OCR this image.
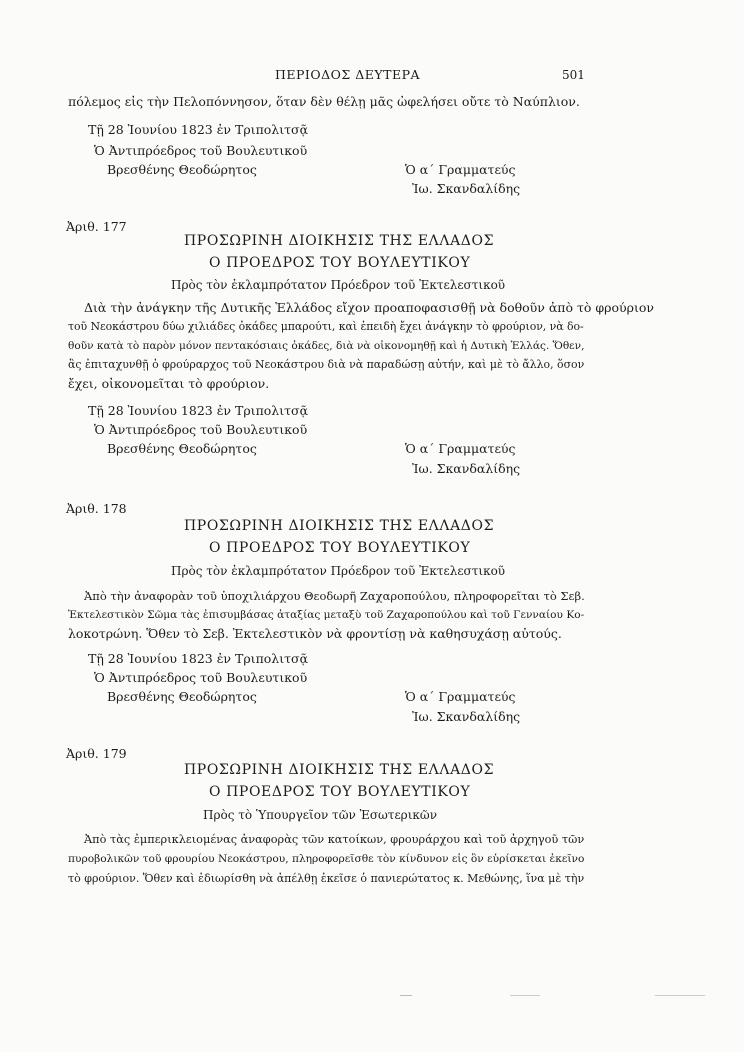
ΠΕΡΙΟΔΟΣ ΔΕΥΤΕΡΑ	501
πόλεμος εἰς τὴν Πελοπόννησον, ὅταν δὲν θέλῃ μᾶς ὠφελήσει οὔτε τὸ Ναύπλιον.
Τῇ 28 Ἰουνίου 1823 ἐν Τριπολιτσᾷ
Ὁ Ἀντιπρόεδρος τοῦ Βουλευτικοῦ
Βρεσθένης Θεοδώρητος	Ὁ α΄ Γραμματεύς
Ἰω. Σκανδαλίδης
Ἀριθ. 177
ΠΡΟΣΩΡΙΝΗ ΔΙΟΙΚΗΣΙΣ ΤΗΣ ΕΛΛΑΔΟΣ
Ο ΠΡΟΕΔΡΟΣ ΤΟΥ ΒΟΥΛΕΥΤΙΚΟΥ
Πρὸς τὸν ἐκλαμπρότατον Πρόεδρον τοῦ Ἐκτελεστικοῦ
Διὰ τὴν ἀνάγκην τῆς Δυτικῆς Ἑλλάδος εἴχον προαποφασισθῇ νὰ δοθοῦν ἀπὸ τὸ φρούριον
τοῦ Νεοκάστρου δύω χιλιάδες ὀκάδες μπαρούτι, καὶ ἐπειδὴ ἔχει ἀνάγκην τὸ φρούριον, νὰ δο-
θοῦν κατὰ τὸ παρὸν μόνον πεντακόσιαις ὀκάδες, διὰ νὰ οἰκονομηθῇ καὶ ἡ Δυτικὴ Ἑλλάς. Ὅθεν,
ἂς ἐπιταχυνθῇ ὁ φρούραρχος τοῦ Νεοκάστρου διὰ νὰ παραδώσῃ αὐτήν, καὶ μὲ τὸ ἄλλο, ὅσον
ἔχει, οἰκονομεῖται τὸ φρούριον.
Τῇ 28 Ἰουνίου 1823 ἐν Τριπολιτσᾷ
Ὁ Ἀντιπρόεδρος τοῦ Βουλευτικοῦ
Βρεσθένης Θεοδώρητος	Ὁ α΄ Γραμματεύς
Ἰω. Σκανδαλίδης
Ἀριθ. 178
ΠΡΟΣΩΡΙΝΗ ΔΙΟΙΚΗΣΙΣ ΤΗΣ ΕΛΛΑΔΟΣ
Ο ΠΡΟΕΔΡΟΣ ΤΟΥ ΒΟΥΛΕΥΤΙΚΟΥ
Πρὸς τὸν ἐκλαμπρότατον Πρόεδρον τοῦ Ἐκτελεστικοῦ
Ἀπὸ τὴν ἀναφορὰν τοῦ ὑποχιλιάρχου Θεοδωρῆ Ζαχαροπούλου, πληροφορεῖται τὸ Σεβ.
Ἐκτελεστικὸν Σῶμα τὰς ἐπισυμβάσας ἀταξίας μεταξὺ τοῦ Ζαχαροπούλου καὶ τοῦ Γενναίου Κο-
λοκοτρώνη. Ὅθεν τὸ Σεβ. Ἐκτελεστικὸν νὰ φροντίσῃ νὰ καθησυχάσῃ αὐτούς.
Τῇ 28 Ἰουνίου 1823 ἐν Τριπολιτσᾷ
Ὁ Ἀντιπρόεδρος τοῦ Βουλευτικοῦ
Βρεσθένης Θεοδώρητος	Ὁ α΄ Γραμματεύς
Ἰω. Σκανδαλίδης
Ἀριθ. 179
ΠΡΟΣΩΡΙΝΗ ΔΙΟΙΚΗΣΙΣ ΤΗΣ ΕΛΛΑΔΟΣ
Ο ΠΡΟΕΔΡΟΣ ΤΟΥ ΒΟΥΛΕΥΤΙΚΟΥ
Πρὸς τὸ Ὑπουργεῖον τῶν Ἐσωτερικῶν
Ἀπὸ τὰς ἐμπερικλειομένας ἀναφορὰς τῶν κατοίκων, φρουράρχου καὶ τοῦ ἀρχηγοῦ τῶν
πυροβολικῶν τοῦ φρουρίου Νεοκάστρου, πληροφορεῖσθε τὸν κίνδυνον εἰς ὃν εὑρίσκεται ἐκεῖνο
τὸ φρούριον. Ὅθεν καὶ ἐδιωρίσθη νὰ ἀπέλθῃ ἐκεῖσε ὁ πανιερώτατος κ. Μεθώνης, ἵνα μὲ τὴν
